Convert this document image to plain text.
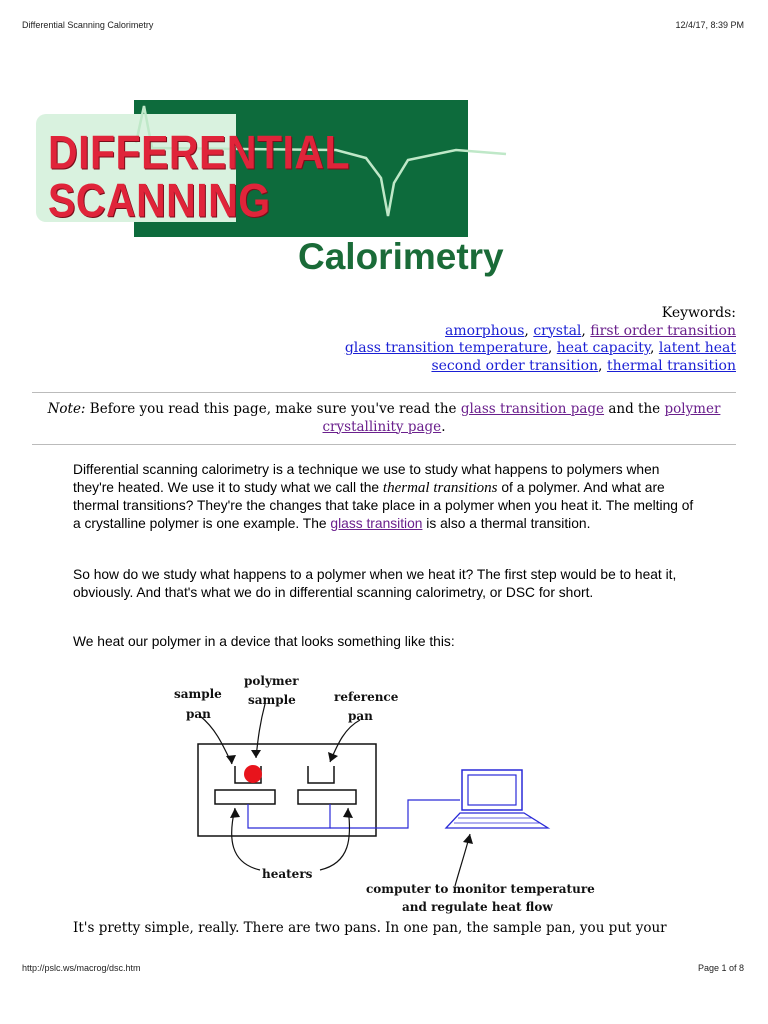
Differential Scanning Calorimetry	12/4/17, 8:39 PM
DIFFERENTIAL
SCANNING
Calorimetry
Keywords:
amorphous, crystal, first order transition
glass transition temperature, heat capacity, latent heat
second order transition, thermal transition
Note: Before you read this page, make sure you've read the glass transition page and the polymer crystallinity page.

Differential scanning calorimetry is a technique we use to study what happens to polymers when they're heated. We use it to study what we call the thermal transitions of a polymer. And what are thermal transitions? They're the changes that take place in a polymer when you heat it. The melting of a crystalline polymer is one example. The glass transition is also a thermal transition.

So how do we study what happens to a polymer when we heat it? The first step would be to heat it, obviously. And that's what we do in differential scanning calorimetry, or DSC for short.

We heat our polymer in a device that looks something like this:

sample
pan
polymer
sample	reference
pan
heaters
computer to monitor temperature
and regulate heat flow

It's pretty simple, really. There are two pans. In one pan, the sample pan, you put your

http://pslc.ws/macrog/dsc.htm	Page 1 of 8
